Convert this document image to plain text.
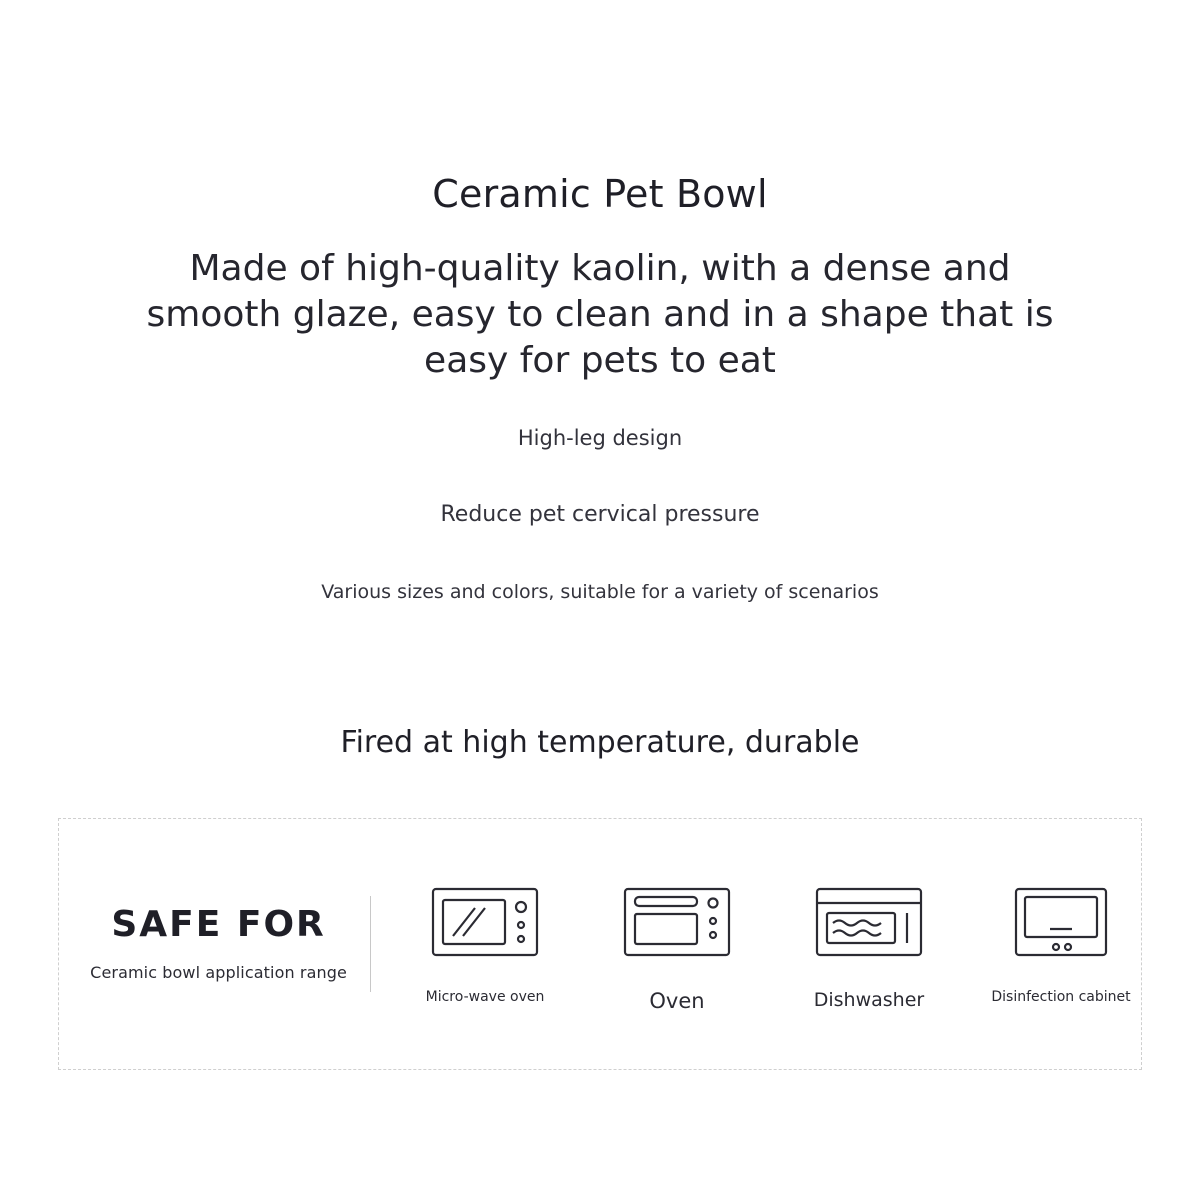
Ceramic Pet Bowl

Made of high-quality kaolin, with a dense and smooth glaze, easy to clean and in a shape that is easy for pets to eat

High-leg design
Reduce pet cervical pressure
Various sizes and colors, suitable for a variety of scenarios
Fired at high temperature, durable
SAFE FOR
Ceramic bowl application range
Micro-wave oven	Oven	Dishwasher	Disinfection cabinet
